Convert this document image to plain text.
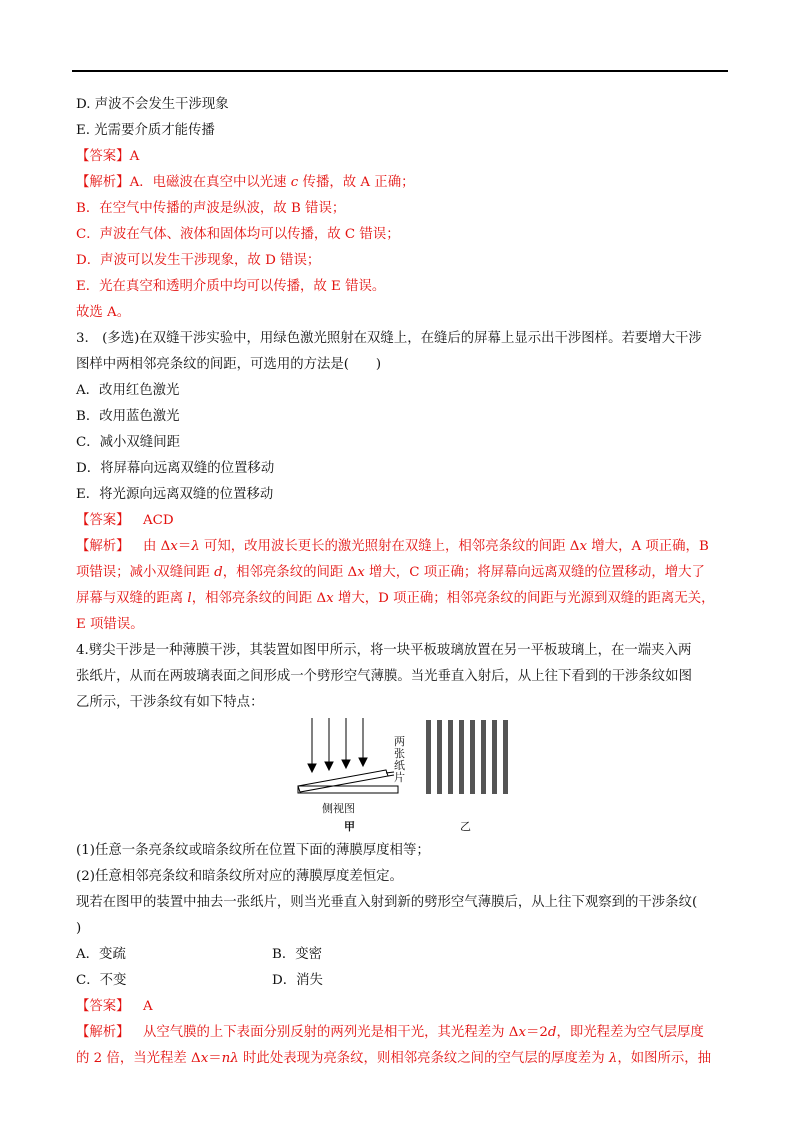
D. 声波不会发生干涉现象
E. 光需要介质才能传播
【答案】A
【解析】A．电磁波在真空中以光速 c 传播，故 A 正确；
B．在空气中传播的声波是纵波，故 B 错误；
C．声波在气体、液体和固体均可以传播，故 C 错误；
D．声波可以发生干涉现象，故 D 错误；
E．光在真空和透明介质中均可以传播，故 E 错误。
故选 A。
3.　(多选)在双缝干涉实验中，用绿色激光照射在双缝上，在缝后的屏幕上显示出干涉图样。若要增大干涉
图样中两相邻亮条纹的间距，可选用的方法是(　　)
A．改用红色激光
B．改用蓝色激光
C．减小双缝间距
D．将屏幕向远离双缝的位置移动
E．将光源向远离双缝的位置移动
【答案】  ACD
【解析】  由 Δx＝λ 可知，改用波长更长的激光照射在双缝上，相邻亮条纹的间距 Δx 增大，A 项正确，B
项错误；减小双缝间距 d，相邻亮条纹的间距 Δx 增大，C 项正确；将屏幕向远离双缝的位置移动，增大了
屏幕与双缝的距离 l，相邻亮条纹的间距 Δx 增大，D 项正确；相邻亮条纹的间距与光源到双缝的距离无关，
E 项错误。
4.劈尖干涉是一种薄膜干涉，其装置如图甲所示，将一块平板玻璃放置在另一平板玻璃上，在一端夹入两
张纸片，从而在两玻璃表面之间形成一个劈形空气薄膜。当光垂直入射后，从上往下看到的干涉条纹如图
乙所示，干涉条纹有如下特点：
侧视图
两张纸片
甲	乙
(1)任意一条亮条纹或暗条纹所在位置下面的薄膜厚度相等；
(2)任意相邻亮条纹和暗条纹所对应的薄膜厚度差恒定。
现若在图甲的装置中抽去一张纸片，则当光垂直入射到新的劈形空气薄膜后，从上往下观察到的干涉条纹(
)
A．变疏	B．变密
C．不变	D．消失
【答案】  A
【解析】  从空气膜的上下表面分别反射的两列光是相干光，其光程差为 Δx＝2d，即光程差为空气层厚度
的 2 倍，当光程差 Δx＝nλ 时此处表现为亮条纹，则相邻亮条纹之间的空气层的厚度差为 λ，如图所示，抽
